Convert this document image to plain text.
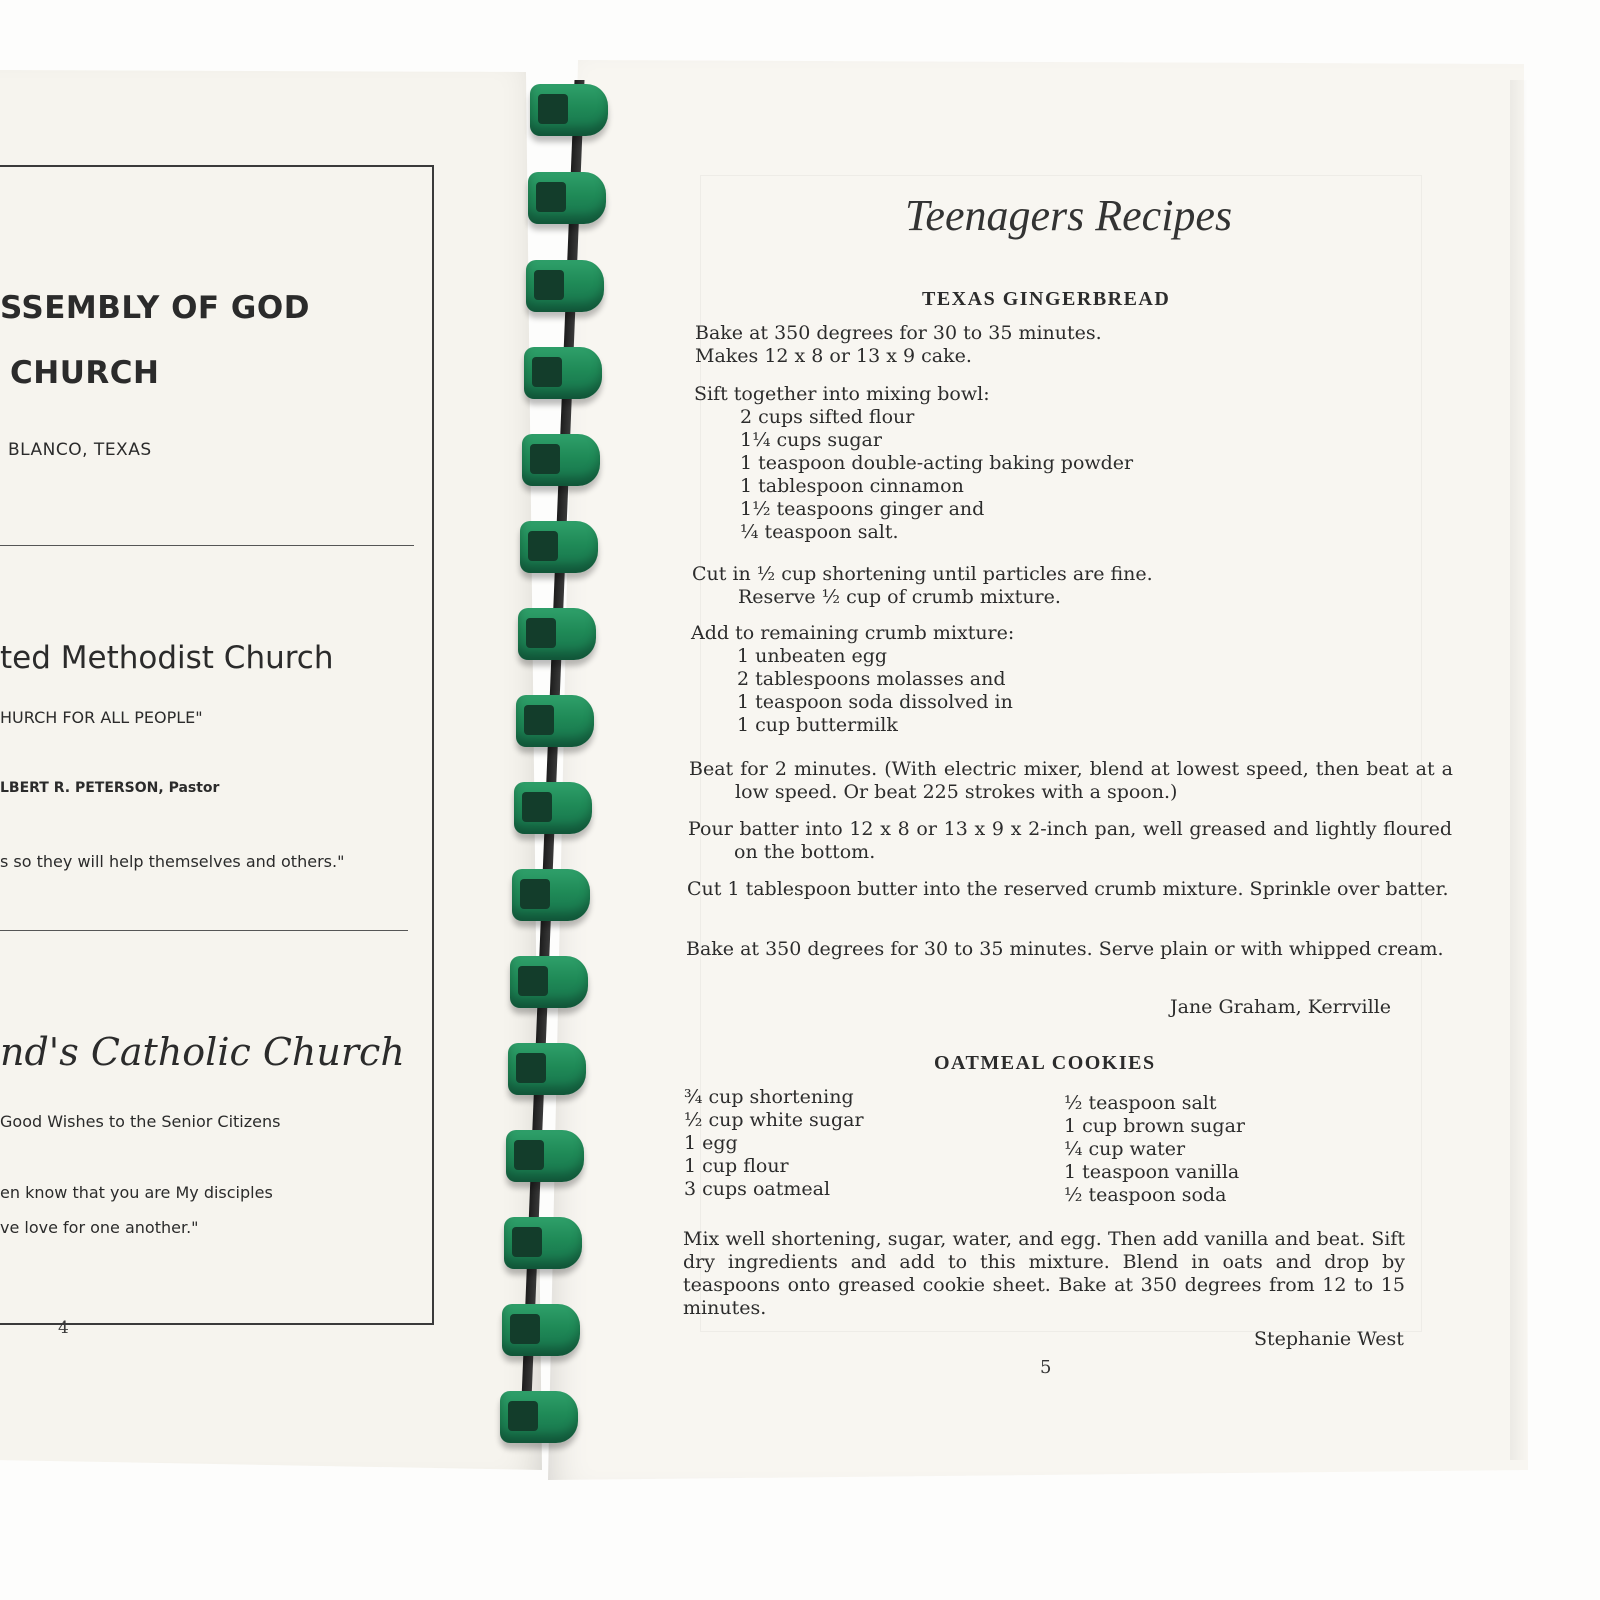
SSEMBLY OF GOD
CHURCH
BLANCO, TEXAS
ted Methodist Church
HURCH FOR ALL PEOPLE"
LBERT R. PETERSON, Pastor
s so they will help themselves and others."
nd's Catholic Church
Good Wishes to the Senior Citizens
en know that you are My disciples
ve love for one another."
4
Teenagers Recipes
TEXAS GINGERBREAD
Bake at 350 degrees for 30 to 35 minutes.
Makes 12 x 8 or 13 x 9 cake.
Sift together into mixing bowl:
2 cups sifted flour
1¼ cups sugar
1 teaspoon double-acting baking powder
1 tablespoon cinnamon
1½ teaspoons ginger and
¼ teaspoon salt.
Cut in ½ cup shortening until particles are fine.
Reserve ½ cup of crumb mixture.
Add to remaining crumb mixture:
1 unbeaten egg
2 tablespoons molasses and
1 teaspoon soda dissolved in
1 cup buttermilk
Beat for 2 minutes. (With electric mixer, blend at lowest speed, then beat at a low speed. Or beat 225 strokes with a spoon.)
Pour batter into 12 x 8 or 13 x 9 x 2-inch pan, well greased and lightly floured on the bottom.
Cut 1 tablespoon butter into the reserved crumb mixture. Sprinkle over batter.
Bake at 350 degrees for 30 to 35 minutes. Serve plain or with whipped cream.
Jane Graham, Kerrville
OATMEAL COOKIES
¾ cup shortening
½ cup white sugar
1 egg
1 cup flour
3 cups oatmeal
½ teaspoon salt
1 cup brown sugar
¼ cup water
1 teaspoon vanilla
½ teaspoon soda
Mix well shortening, sugar, water, and egg. Then add vanilla and beat. Sift dry ingredients and add to this mixture. Blend in oats and drop by teaspoons onto greased cookie sheet. Bake at 350 degrees from 12 to 15 minutes.
Stephanie West
5
